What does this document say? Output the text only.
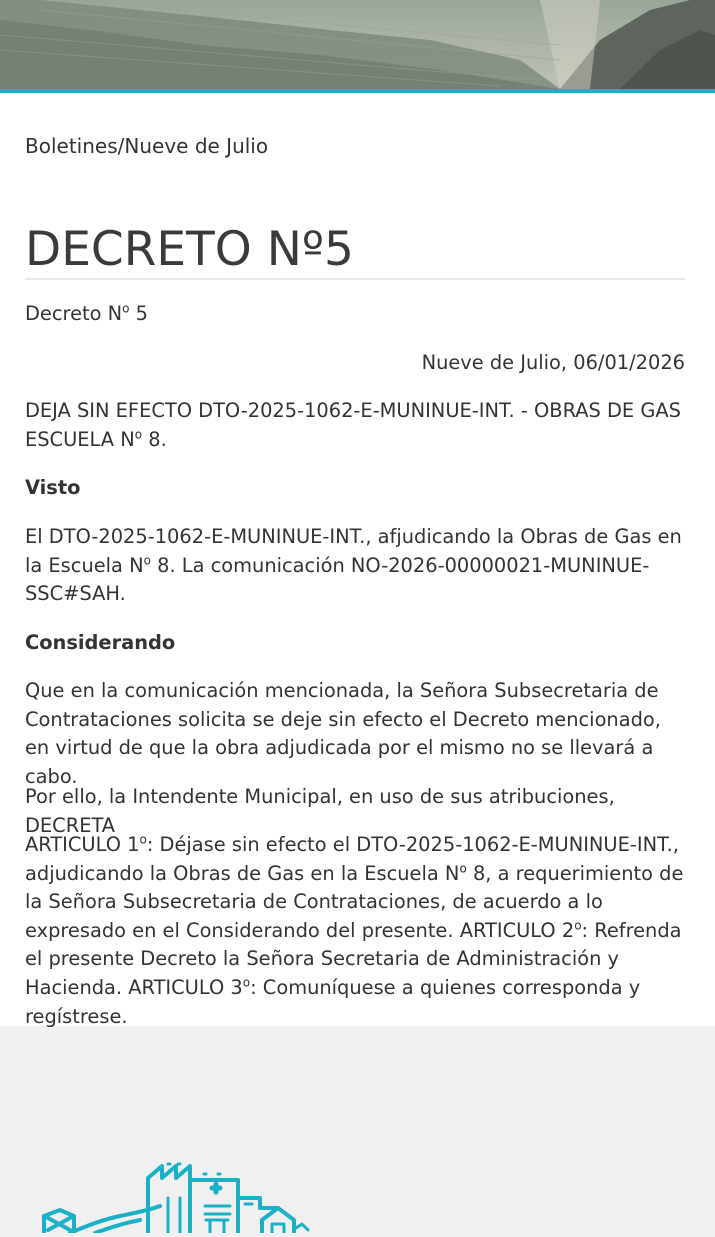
Boletines/Nueve de Julio
DECRETO Nº5

Decreto $N^o$ 5

Nueve de Julio, 06/01/2026

DEJA SIN EFECTO DTO-2025-1062-E-MUNINUE-INT. - OBRAS DE GAS ESCUELA $N^o$ 8.

Visto

El DTO-2025-1062-E-MUNINUE-INT., afjudicando la Obras de Gas en la Escuela $N^o$ 8. La comunicación NO-2026-00000021-MUNINUE-SSC#SAH.

Considerando

Que en la comunicación mencionada, la Señora Subsecretaria de Contrataciones solicita se deje sin efecto el Decreto mencionado, en virtud de que la obra adjudicada por el mismo no se llevará a cabo.

Por ello, la Intendente Municipal, en uso de sus atribuciones, DECRETA

ARTICULO 1$^o$: Déjase sin efecto el DTO-2025-1062-E-MUNINUE-INT., adjudicando la Obras de Gas en la Escuela $N^o$ 8, a requerimiento de la Señora Subsecretaria de Contrataciones, de acuerdo a lo expresado en el Considerando del presente. ARTICULO 2$^o$: Refrenda el presente Decreto la Señora Secretaria de Administración y Hacienda. ARTICULO 3$^o$: Comuníquese a quienes corresponda y regístrese.
